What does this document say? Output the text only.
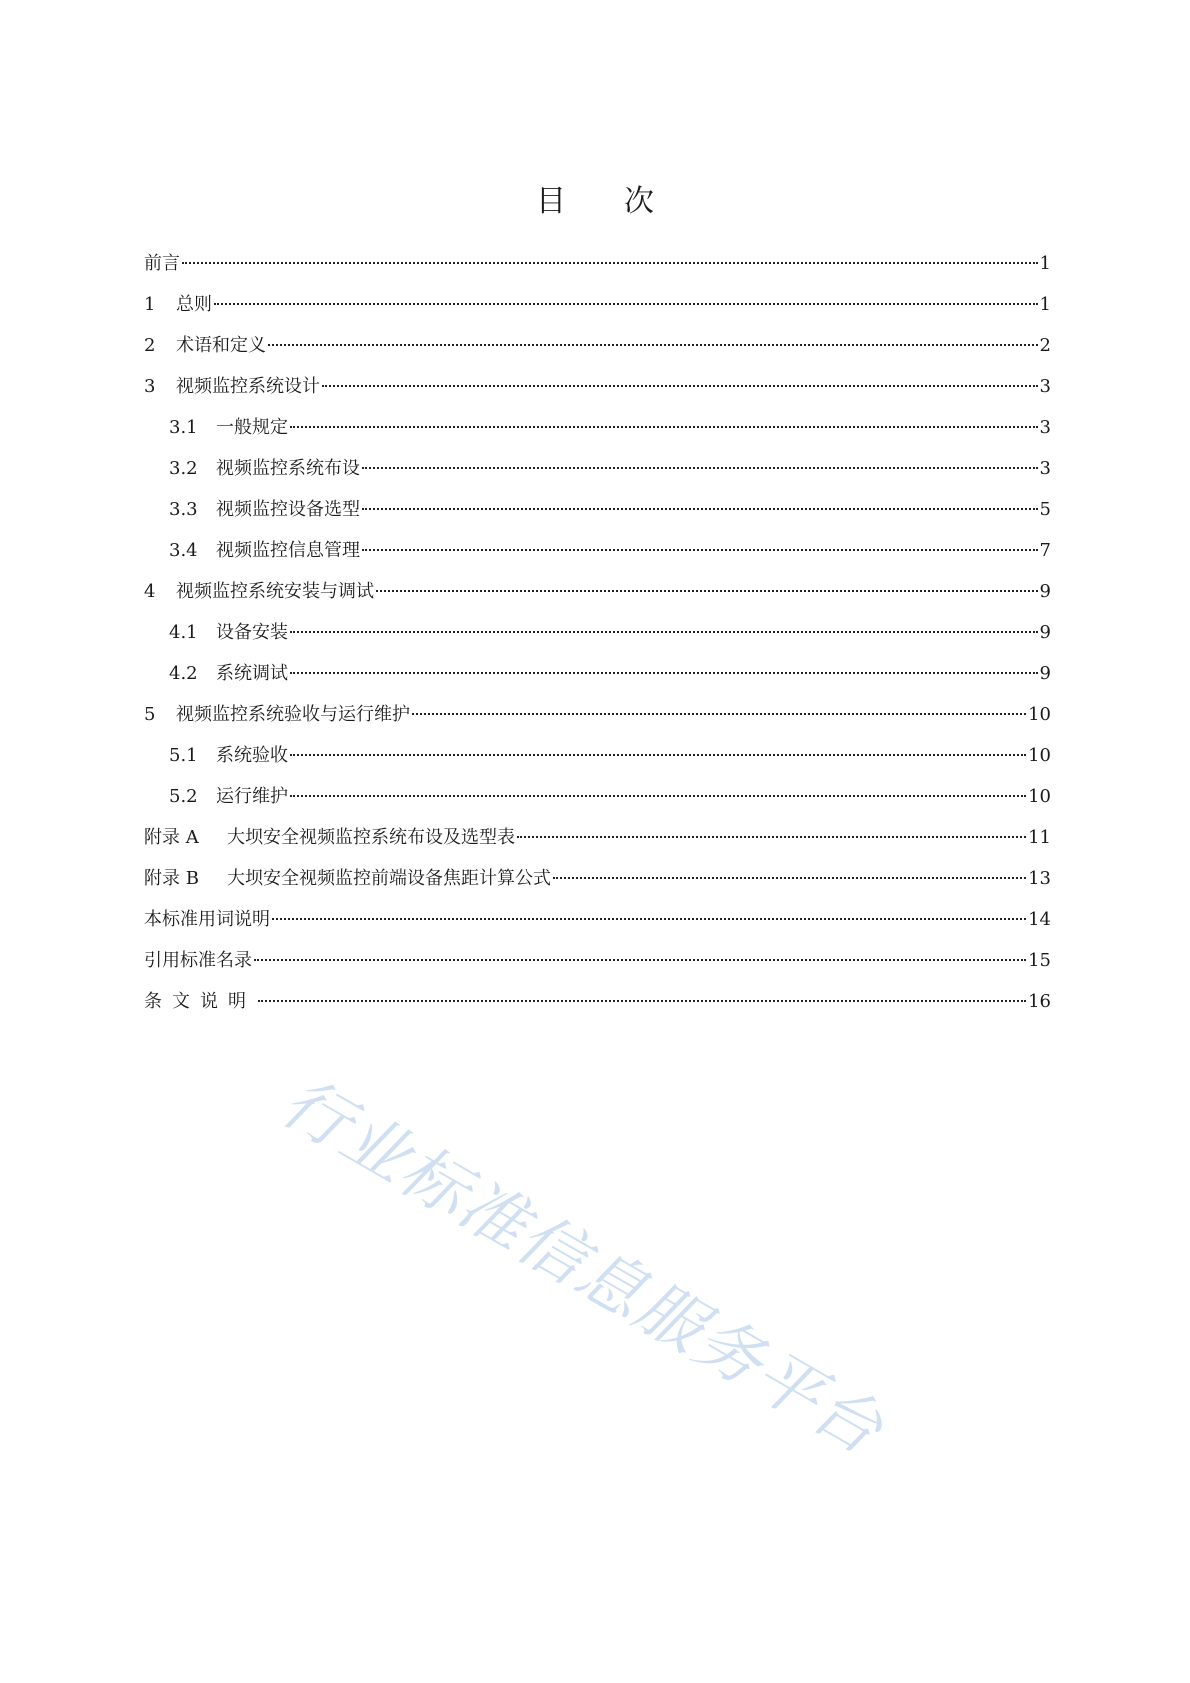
目 次
前言	1
1	总则	1
2	术语和定义	2
3	视频监控系统设计	3
3.1	一般规定	3
3.2	视频监控系统布设	3
3.3	视频监控设备选型	5
3.4	视频监控信息管理	7
4	视频监控系统安装与调试	9
4.1	设备安装	9
4.2	系统调试	9
5	视频监控系统验收与运行维护	10
5.1	系统验收	10
5.2	运行维护	10
附录 A	大坝安全视频监控系统布设及选型表	11
附录 B	大坝安全视频监控前端设备焦距计算公式	13
本标准用词说明	14
引用标准名录	15
条文说明	16
行业标准信息服务平台
